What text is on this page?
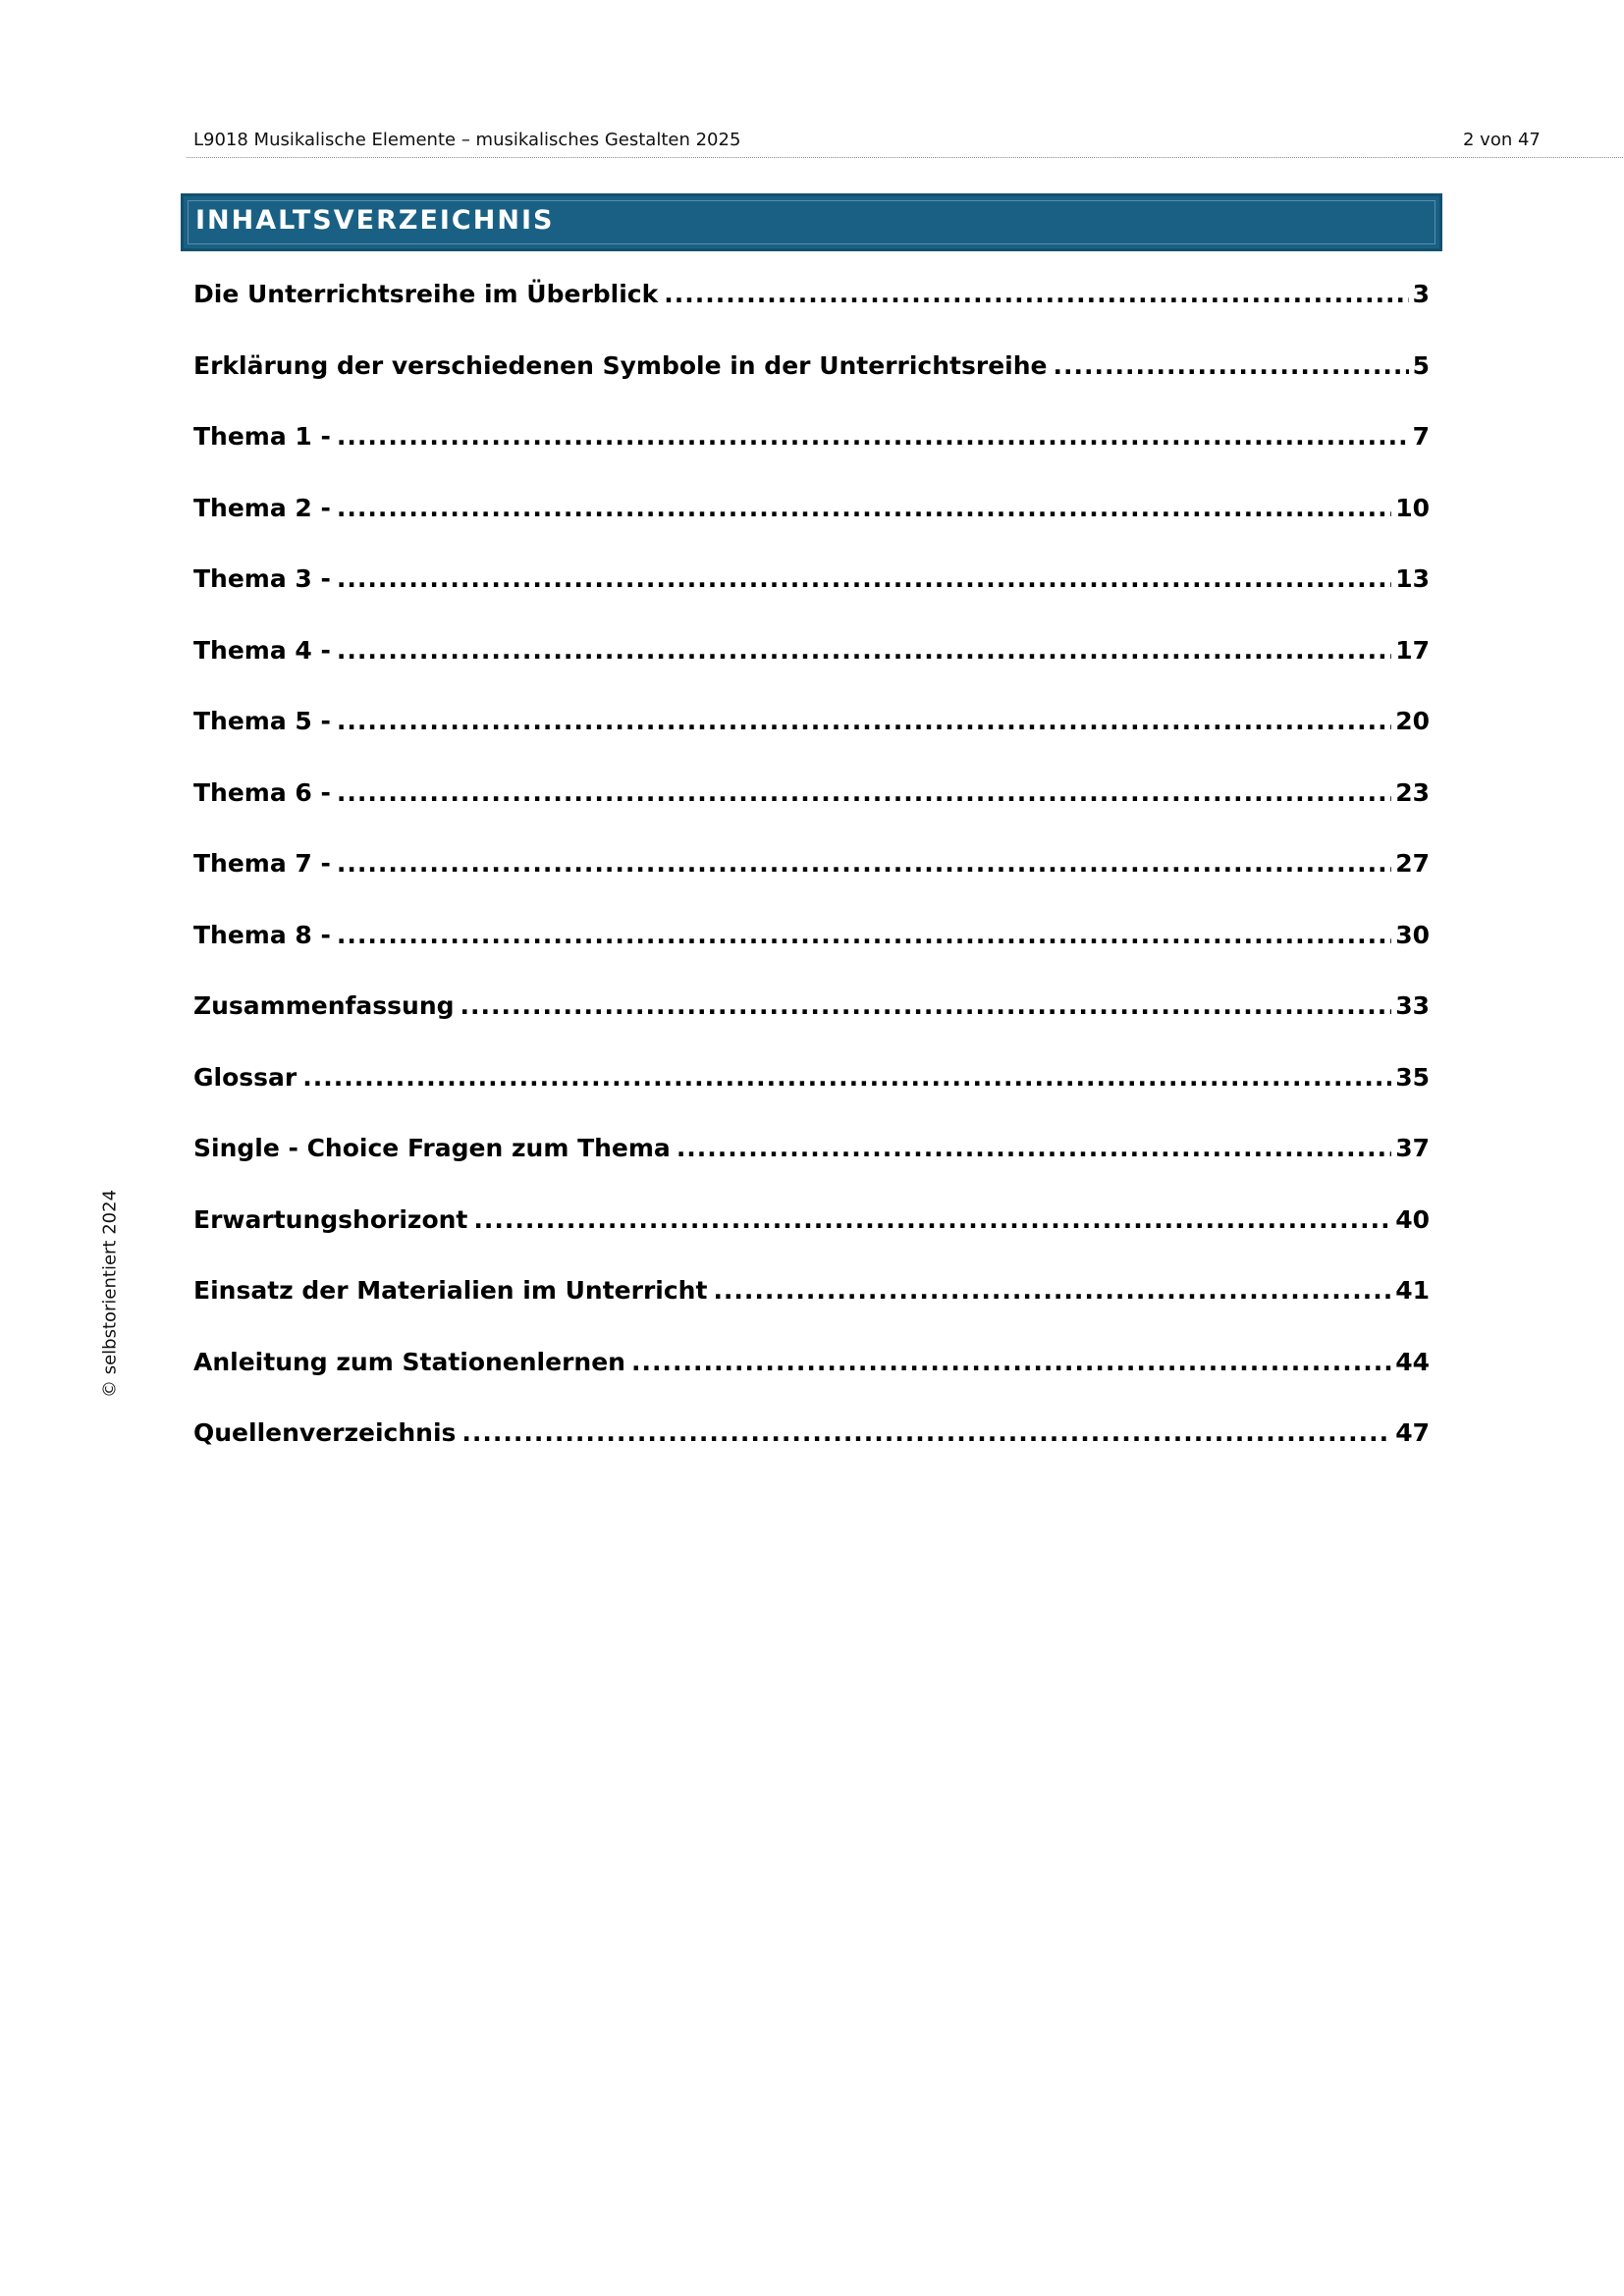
L9018 Musikalische Elemente – musikalisches Gestalten 2025	2 von 47
INHALTSVERZEICHNIS
Die Unterrichtsreihe im Überblick .....	3
Erklärung der verschiedenen Symbole in der Unterrichtsreihe .....	5
Thema 1 - .....	7
Thema 2 - .....	10
Thema 3 - .....	13
Thema 4 - .....	17
Thema 5 - .....	20
Thema 6 - .....	23
Thema 7 - .....	27
Thema 8 - .....	30
Zusammenfassung .....	33
Glossar .....	35
Single - Choice Fragen zum Thema .....	37
Erwartungshorizont .....	40
Einsatz der Materialien im Unterricht .....	41
Anleitung zum Stationenlernen .....	44
Quellenverzeichnis .....	47
© selbstorientiert 2024
